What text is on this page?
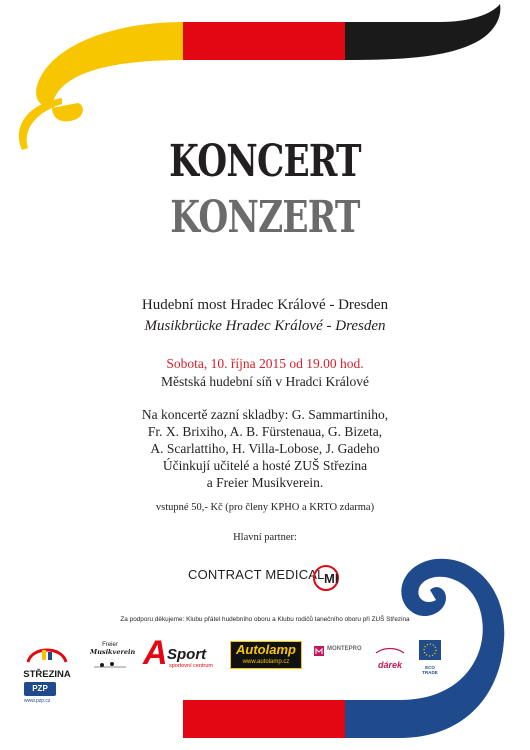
KONCERT
KONZERT
Hudební most Hradec Králové - Dresden
Musikbrücke Hradec Králové - Dresden
Sobota, 10. října 2015 od 19.00 hod.
Městská hudební síň v Hradci Králové
Na koncertě zazní skladby: G. Sammartiniho,
Fr. X. Brixiho, A. B. Fürstenaua, G. Bizeta,
A. Scarlattiho, H. Villa-Lobose, J. Gadeho
Účinkují učitelé a hosté ZUŠ Střezina
a Freier Musikverein.
vstupné 50,- Kč (pro členy KPHO a KRTO zdarma)
Hlavní partner:
CONTRACT MEDICAL MI
Za podporu děkujeme: Klubu přátel hudebního oboru a Klubu rodičů tanečního oboru při ZUŠ Střezina
STŘEZINA
Freier
Musikverein A Sport
sportovní centrum
Autolamp
www.autolamp.cz
MONTEPRO
dárek	ECO TRADE
PZP
www.pzp.cz
